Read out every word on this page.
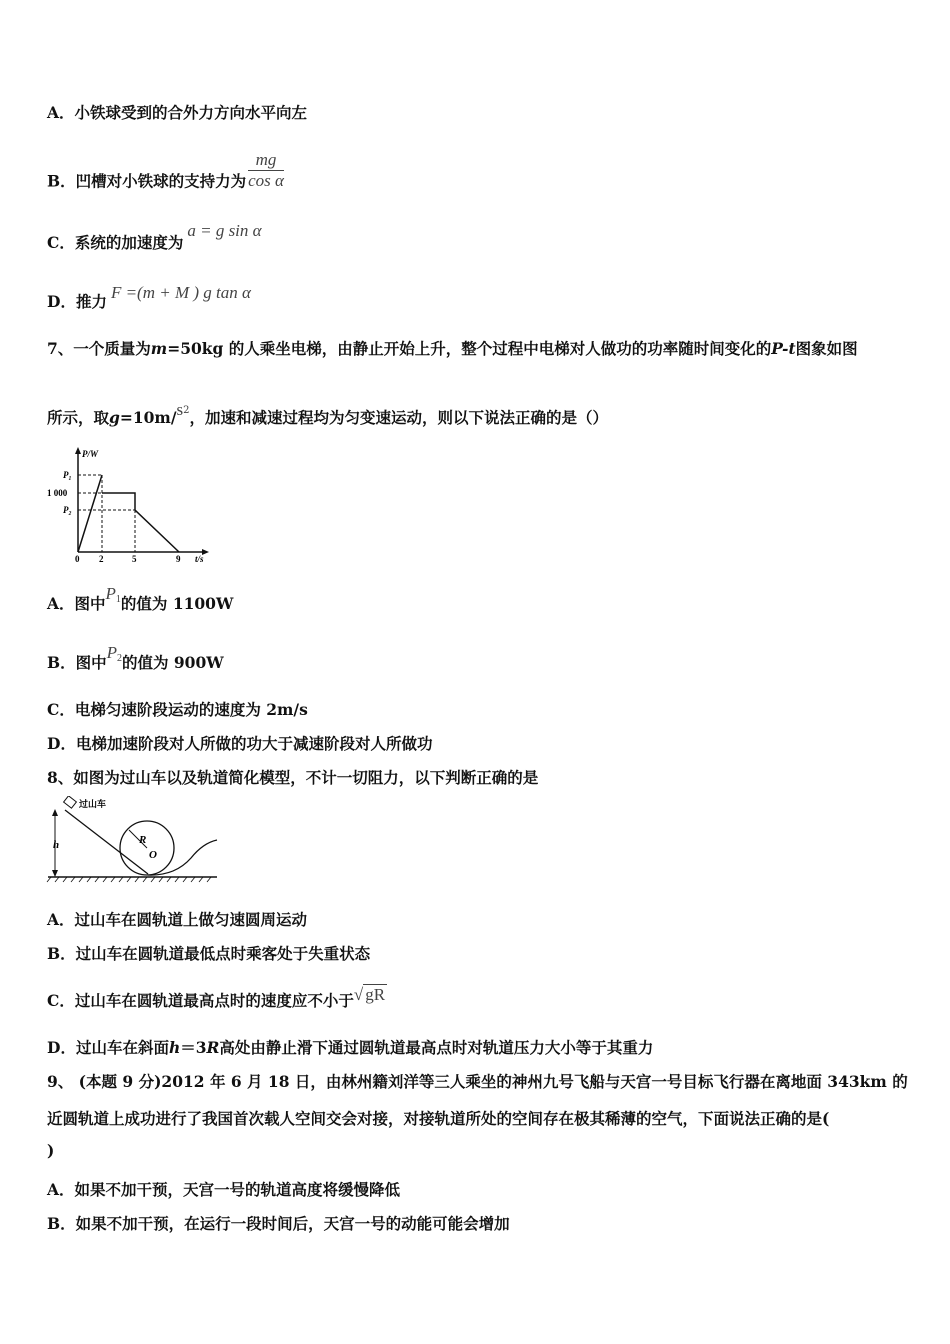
A．小铁球受到的合外力方向水平向左
B．凹槽对小铁球的支持力为 $\frac{mg}{\text{cos α}}$
C．系统的加速度为a = g sin α
D．推力 F =(m + M ) g tan α
7、一个质量为m=50kg 的人乘坐电梯，由静止开始上升，整个过程中电梯对人做功的功率随时间变化的P-t图象如图
所示，取$g=10m/s^2$，加速和减速过程均为匀变速运动，则以下说法正确的是（）
P/W
P₁
1 000
P₂
0 2	5	9 t/s
A．图中$P^1$的值为 1100W
B．图中$P^2$的值为 900W
C．电梯匀速阶段运动的速度为 2m/s
D．电梯加速阶段对人所做的功大于减速阶段对人所做功
8、如图为过山车以及轨道简化模型，不计一切阻力，以下判断正确的是
h
过山车
R
O
A．过山车在圆轨道上做匀速圆周运动
B．过山车在圆轨道最低点时乘客处于失重状态
C．过山车在圆轨道最高点时的速度应不小于√ gR
D．过山车在斜面h＝3R高处由静止滑下通过圆轨道最高点时对轨道压力大小等于其重力
9、 (本题 9 分)2012 年 6 月 18 日，由林州籍刘洋等三人乘坐的神州九号飞船与天宫一号目标飞行器在离地面 343km 的
近圆轨道上成功进行了我国首次载人空间交会对接，对接轨道所处的空间存在极其稀薄的空气，下面说法正确的是(
)
A．如果不加干预，天宫一号的轨道高度将缓慢降低
B．如果不加干预，在运行一段时间后，天宫一号的动能可能会增加
